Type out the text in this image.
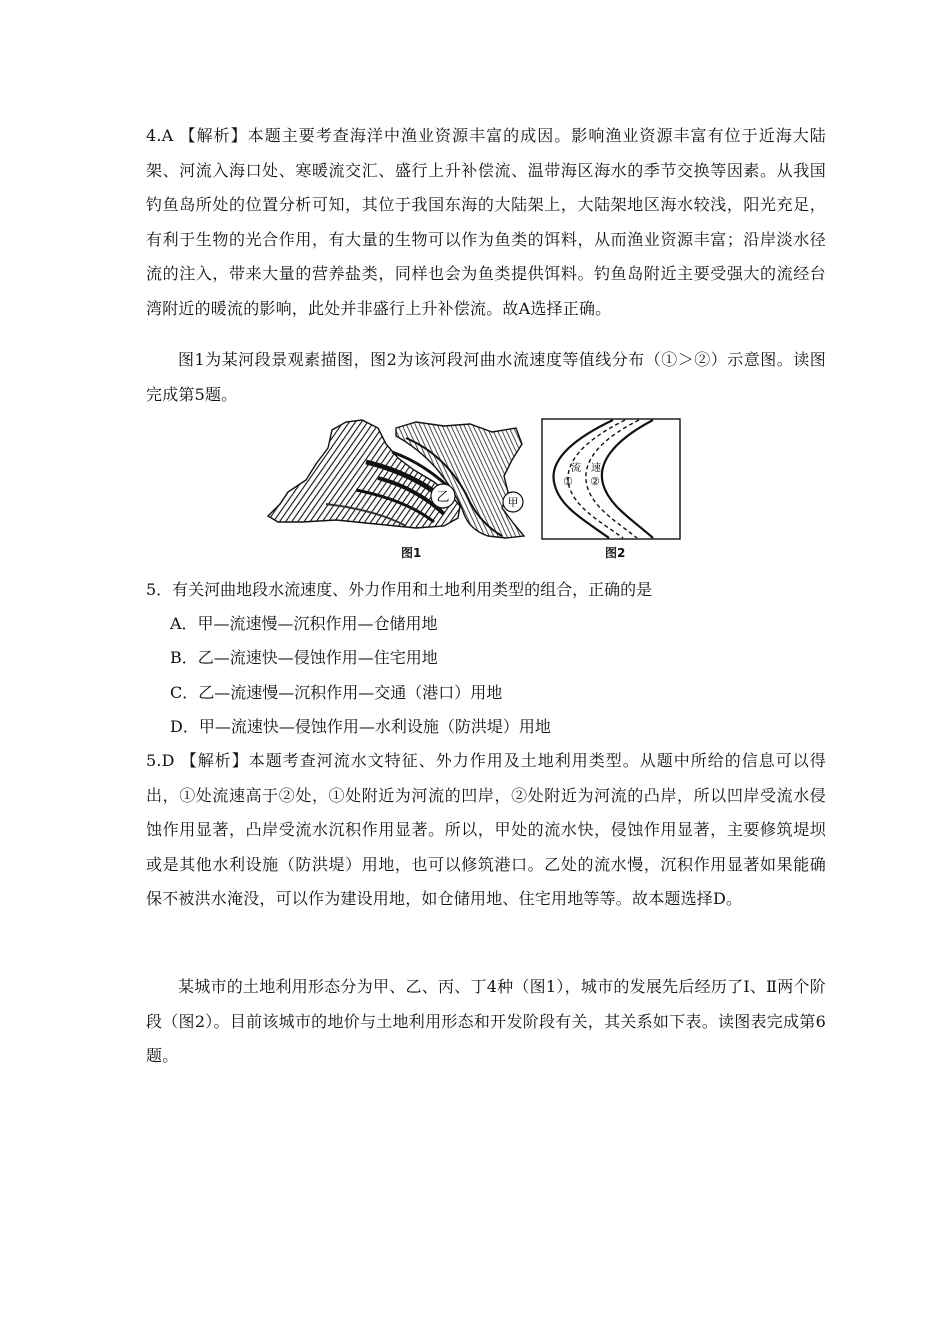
4.A 【解析】本题主要考查海洋中渔业资源丰富的成因。影响渔业资源丰富有位于近海大陆架、河流入海口处、寒暖流交汇、盛行上升补偿流、温带海区海水的季节交换等因素。从我国钓鱼岛所处的位置分析可知，其位于我国东海的大陆架上，大陆架地区海水较浅，阳光充足，有利于生物的光合作用，有大量的生物可以作为鱼类的饵料，从而渔业资源丰富；沿岸淡水径流的注入，带来大量的营养盐类，同样也会为鱼类提供饵料。钓鱼岛附近主要受强大的流经台湾附近的暖流的影响，此处并非盛行上升补偿流。故A选择正确。

图1为某河段景观素描图，图2为该河段河曲水流速度等值线分布（①＞②）示意图。读图完成第5题。

乙	甲
图1
流 速
① ②
图2

5．有关河曲地段水流速度、外力作用和土地利用类型的组合，正确的是

A．甲—流速慢—沉积作用—仓储用地

B．乙—流速快—侵蚀作用—住宅用地

C．乙—流速慢—沉积作用—交通（港口）用地

D．甲—流速快—侵蚀作用—水利设施（防洪堤）用地

5.D 【解析】本题考查河流水文特征、外力作用及土地利用类型。从题中所给的信息可以得出，①处流速高于②处，①处附近为河流的凹岸，②处附近为河流的凸岸，所以凹岸受流水侵蚀作用显著，凸岸受流水沉积作用显著。所以，甲处的流水快，侵蚀作用显著，主要修筑堤坝或是其他水利设施（防洪堤）用地，也可以修筑港口。乙处的流水慢，沉积作用显著如果能确保不被洪水淹没，可以作为建设用地，如仓储用地、住宅用地等等。故本题选择D。

某城市的土地利用形态分为甲、乙、丙、丁4种（图1），城市的发展先后经历了Ⅰ、Ⅱ两个阶段（图2）。目前该城市的地价与土地利用形态和开发阶段有关，其关系如下表。读图表完成第6题。
